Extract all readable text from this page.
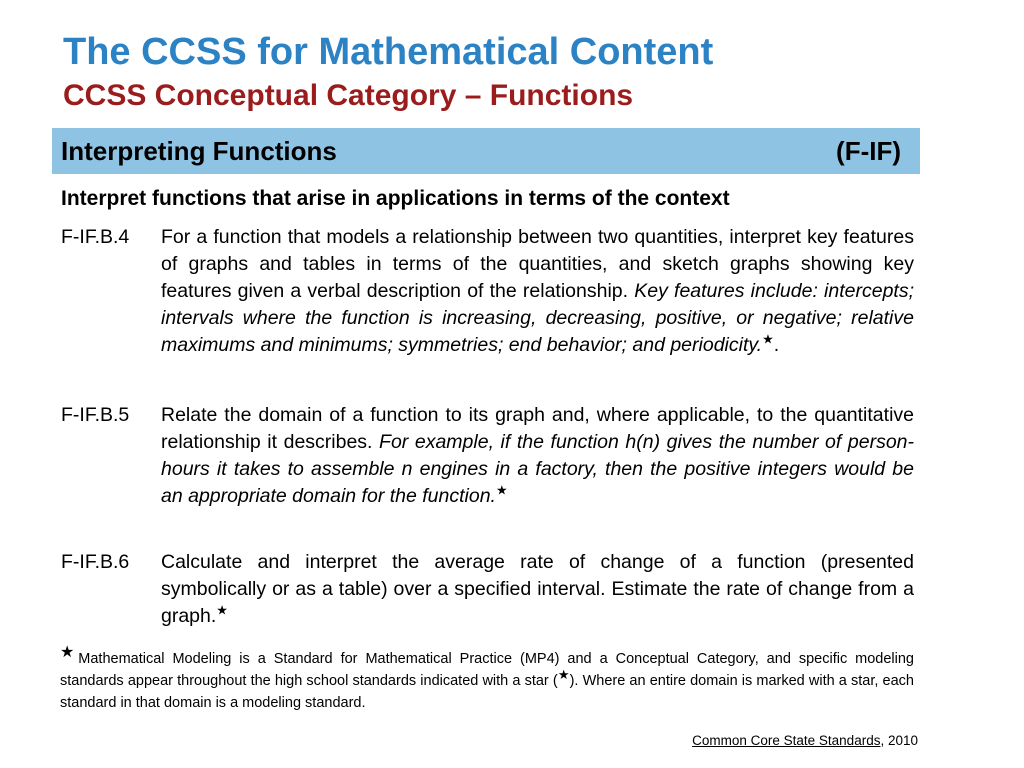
The CCSS for Mathematical Content
CCSS Conceptual Category – Functions
Interpreting Functions	(F-IF)

Interpret functions that arise in applications in terms of the context

F-IF.B.4	For a function that models a relationship between two quantities, interpret key features of graphs and tables in terms of the quantities, and sketch graphs showing key features given a verbal description of the relationship. Key features include: intercepts; intervals where the function is increasing, decreasing, positive, or negative; relative maximums and minimums; symmetries; end behavior; and periodicity.★.
F-IF.B.5	Relate the domain of a function to its graph and, where applicable, to the quantitative relationship it describes. For example, if the function h(n) gives the number of person-hours it takes to assemble n engines in a factory, then the positive integers would be an appropriate domain for the function.★
F-IF.B.6	Calculate and interpret the average rate of change of a function (presented symbolically or as a table) over a specified interval. Estimate the rate of change from a graph.★
★Mathematical Modeling is a Standard for Mathematical Practice (MP4) and a Conceptual Category, and specific modeling standards appear throughout the high school standards indicated with a star (★). Where an entire domain is marked with a star, each standard in that domain is a modeling standard.
Common Core State Standards, 2010
